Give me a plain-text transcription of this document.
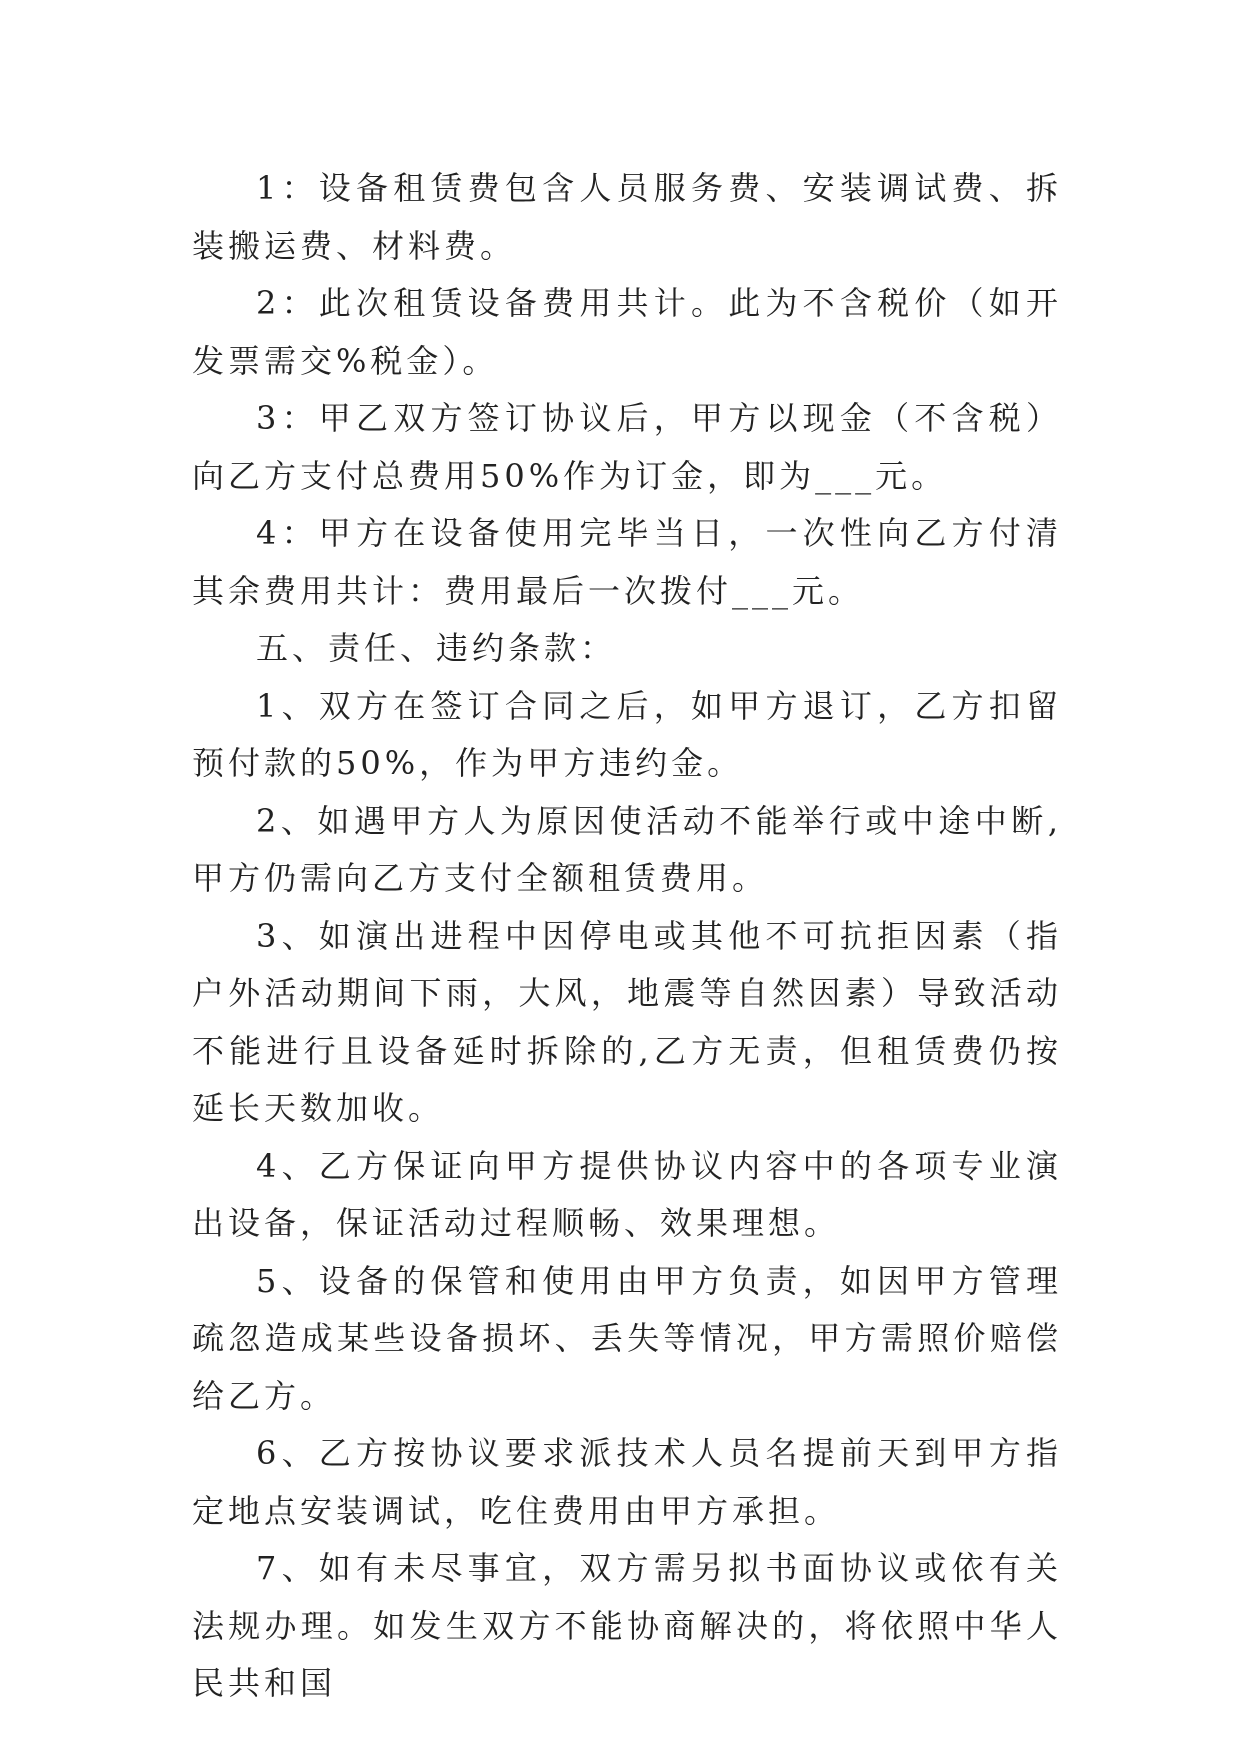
1：设备租赁费包含人员服务费、安装调试费、拆装搬运费、材料费。

2：此次租赁设备费用共计。此为不含税价（如开发票需交%税金）。

3：甲乙双方签订协议后，甲方以现金（不含税）向乙方支付总费用50%作为订金，即为___元。

4：甲方在设备使用完毕当日，一次性向乙方付清其余费用共计：费用最后一次拨付___元。

五、责任、违约条款：

1、双方在签订合同之后，如甲方退订，乙方扣留预付款的50%，作为甲方违约金。

2、如遇甲方人为原因使活动不能举行或中途中断,甲方仍需向乙方支付全额租赁费用。

3、如演出进程中因停电或其他不可抗拒因素（指户外活动期间下雨，大风，地震等自然因素）导致活动不能进行且设备延时拆除的,乙方无责，但租赁费仍按延长天数加收。

4、乙方保证向甲方提供协议内容中的各项专业演出设备，保证活动过程顺畅、效果理想。

5、设备的保管和使用由甲方负责，如因甲方管理疏忽造成某些设备损坏、丢失等情况，甲方需照价赔偿给乙方。

6、乙方按协议要求派技术人员名提前天到甲方指定地点安装调试，吃住费用由甲方承担。

7、如有未尽事宜，双方需另拟书面协议或依有关法规办理。如发生双方不能协商解决的，将依照中华人民共和国
